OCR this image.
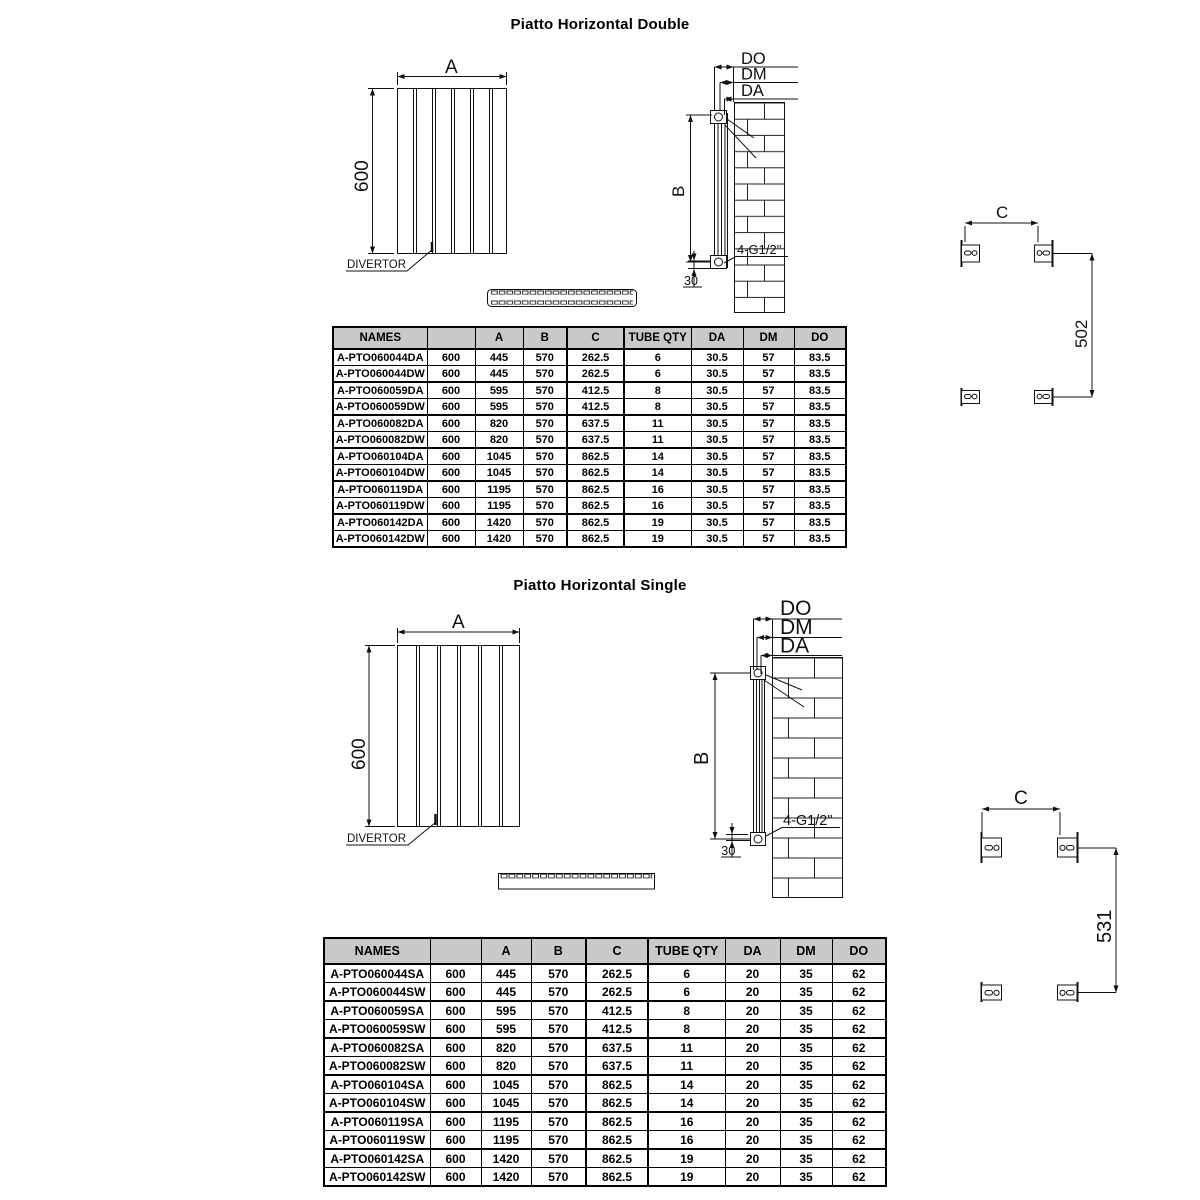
Piatto Horizontal Double
A
600
DIVERTOR
DO
DM
DA
B
4-G1/2"
30
C
502
NAMES		A	B	C	TUBE QTY	DA	DM	DO
A-PTO060044DA	600	445	570	262.5	6	30.5	57	83.5
A-PTO060044DW	600	445	570	262.5	6	30.5	57	83.5
A-PTO060059DA	600	595	570	412.5	8	30.5	57	83.5
A-PTO060059DW	600	595	570	412.5	8	30.5	57	83.5
A-PTO060082DA	600	820	570	637.5	11	30.5	57	83.5
A-PTO060082DW	600	820	570	637.5	11	30.5	57	83.5
A-PTO060104DA	600	1045	570	862.5	14	30.5	57	83.5
A-PTO060104DW	600	1045	570	862.5	14	30.5	57	83.5
A-PTO060119DA	600	1195	570	862.5	16	30.5	57	83.5
A-PTO060119DW	600	1195	570	862.5	16	30.5	57	83.5
A-PTO060142DA	600	1420	570	862.5	19	30.5	57	83.5
A-PTO060142DW	600	1420	570	862.5	19	30.5	57	83.5
Piatto Horizontal Single
A
600
DIVERTOR
DO
DM
DA
B
4-G1/2"
30
C
531
NAMES		A	B	C	TUBE QTY	DA	DM	DO
A-PTO060044SA	600	445	570	262.5	6	20	35	62
A-PTO060044SW	600	445	570	262.5	6	20	35	62
A-PTO060059SA	600	595	570	412.5	8	20	35	62
A-PTO060059SW	600	595	570	412.5	8	20	35	62
A-PTO060082SA	600	820	570	637.5	11	20	35	62
A-PTO060082SW	600	820	570	637.5	11	20	35	62
A-PTO060104SA	600	1045	570	862.5	14	20	35	62
A-PTO060104SW	600	1045	570	862.5	14	20	35	62
A-PTO060119SA	600	1195	570	862.5	16	20	35	62
A-PTO060119SW	600	1195	570	862.5	16	20	35	62
A-PTO060142SA	600	1420	570	862.5	19	20	35	62
A-PTO060142SW	600	1420	570	862.5	19	20	35	62
